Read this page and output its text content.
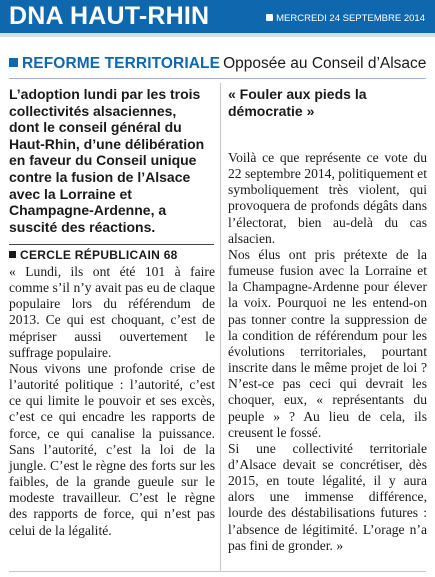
DNA HAUT-RHIN	MERCREDI 24 SEPTEMBRE 2014
REFORME TERRITORIALE Opposée au Conseil d’Alsace
L’adoption lundi par les trois collectivités alsaciennes, dont le conseil général du Haut-Rhin, d’une délibération en faveur du Conseil unique contre la fusion de l’Alsace avec la Lorraine et Champagne-Ardenne, a suscité des réactions.
CERCLE RÉPUBLICAIN 68

« Lundi, ils ont été 101 à faire comme s’il n’y avait pas eu de claque populaire lors du référendum de 2013. Ce qui est choquant, c’est de mépriser aussi ouvertement le suffrage populaire.

Nous vivons une profonde crise de l’autorité politique : l’autorité, c’est ce qui limite le pouvoir et ses excès, c’est ce qui encadre les rapports de force, ce qui canalise la puissance. Sans l’autorité, c’est la loi de la jungle. C’est le règne des forts sur les faibles, de la grande gueule sur le modeste travailleur. C’est le règne des rapports de force, qui n’est pas celui de la légalité.

« Fouler aux pieds la démocratie »

Voilà ce que représente ce vote du 22 septembre 2014, politiquement et symboliquement très violent, qui provoquera de profonds dégâts dans l’électorat, bien au-delà du cas alsacien.

Nos élus ont pris prétexte de la fumeuse fusion avec la Lorraine et la Champagne-Ardenne pour élever la voix. Pourquoi ne les entend-on pas tonner contre la suppression de la condition de référendum pour les évolutions territoriales, pourtant inscrite dans le même projet de loi ? N’est-ce pas ceci qui devrait les choquer, eux, « représentants du peuple » ? Au lieu de cela, ils creusent le fossé.

Si une collectivité territoriale d’Alsace devait se concrétiser, dès 2015, en toute légalité, il y aura alors une immense différence, lourde des déstabilisations futures : l’absence de légitimité. L’orage n’a pas fini de gronder. »
